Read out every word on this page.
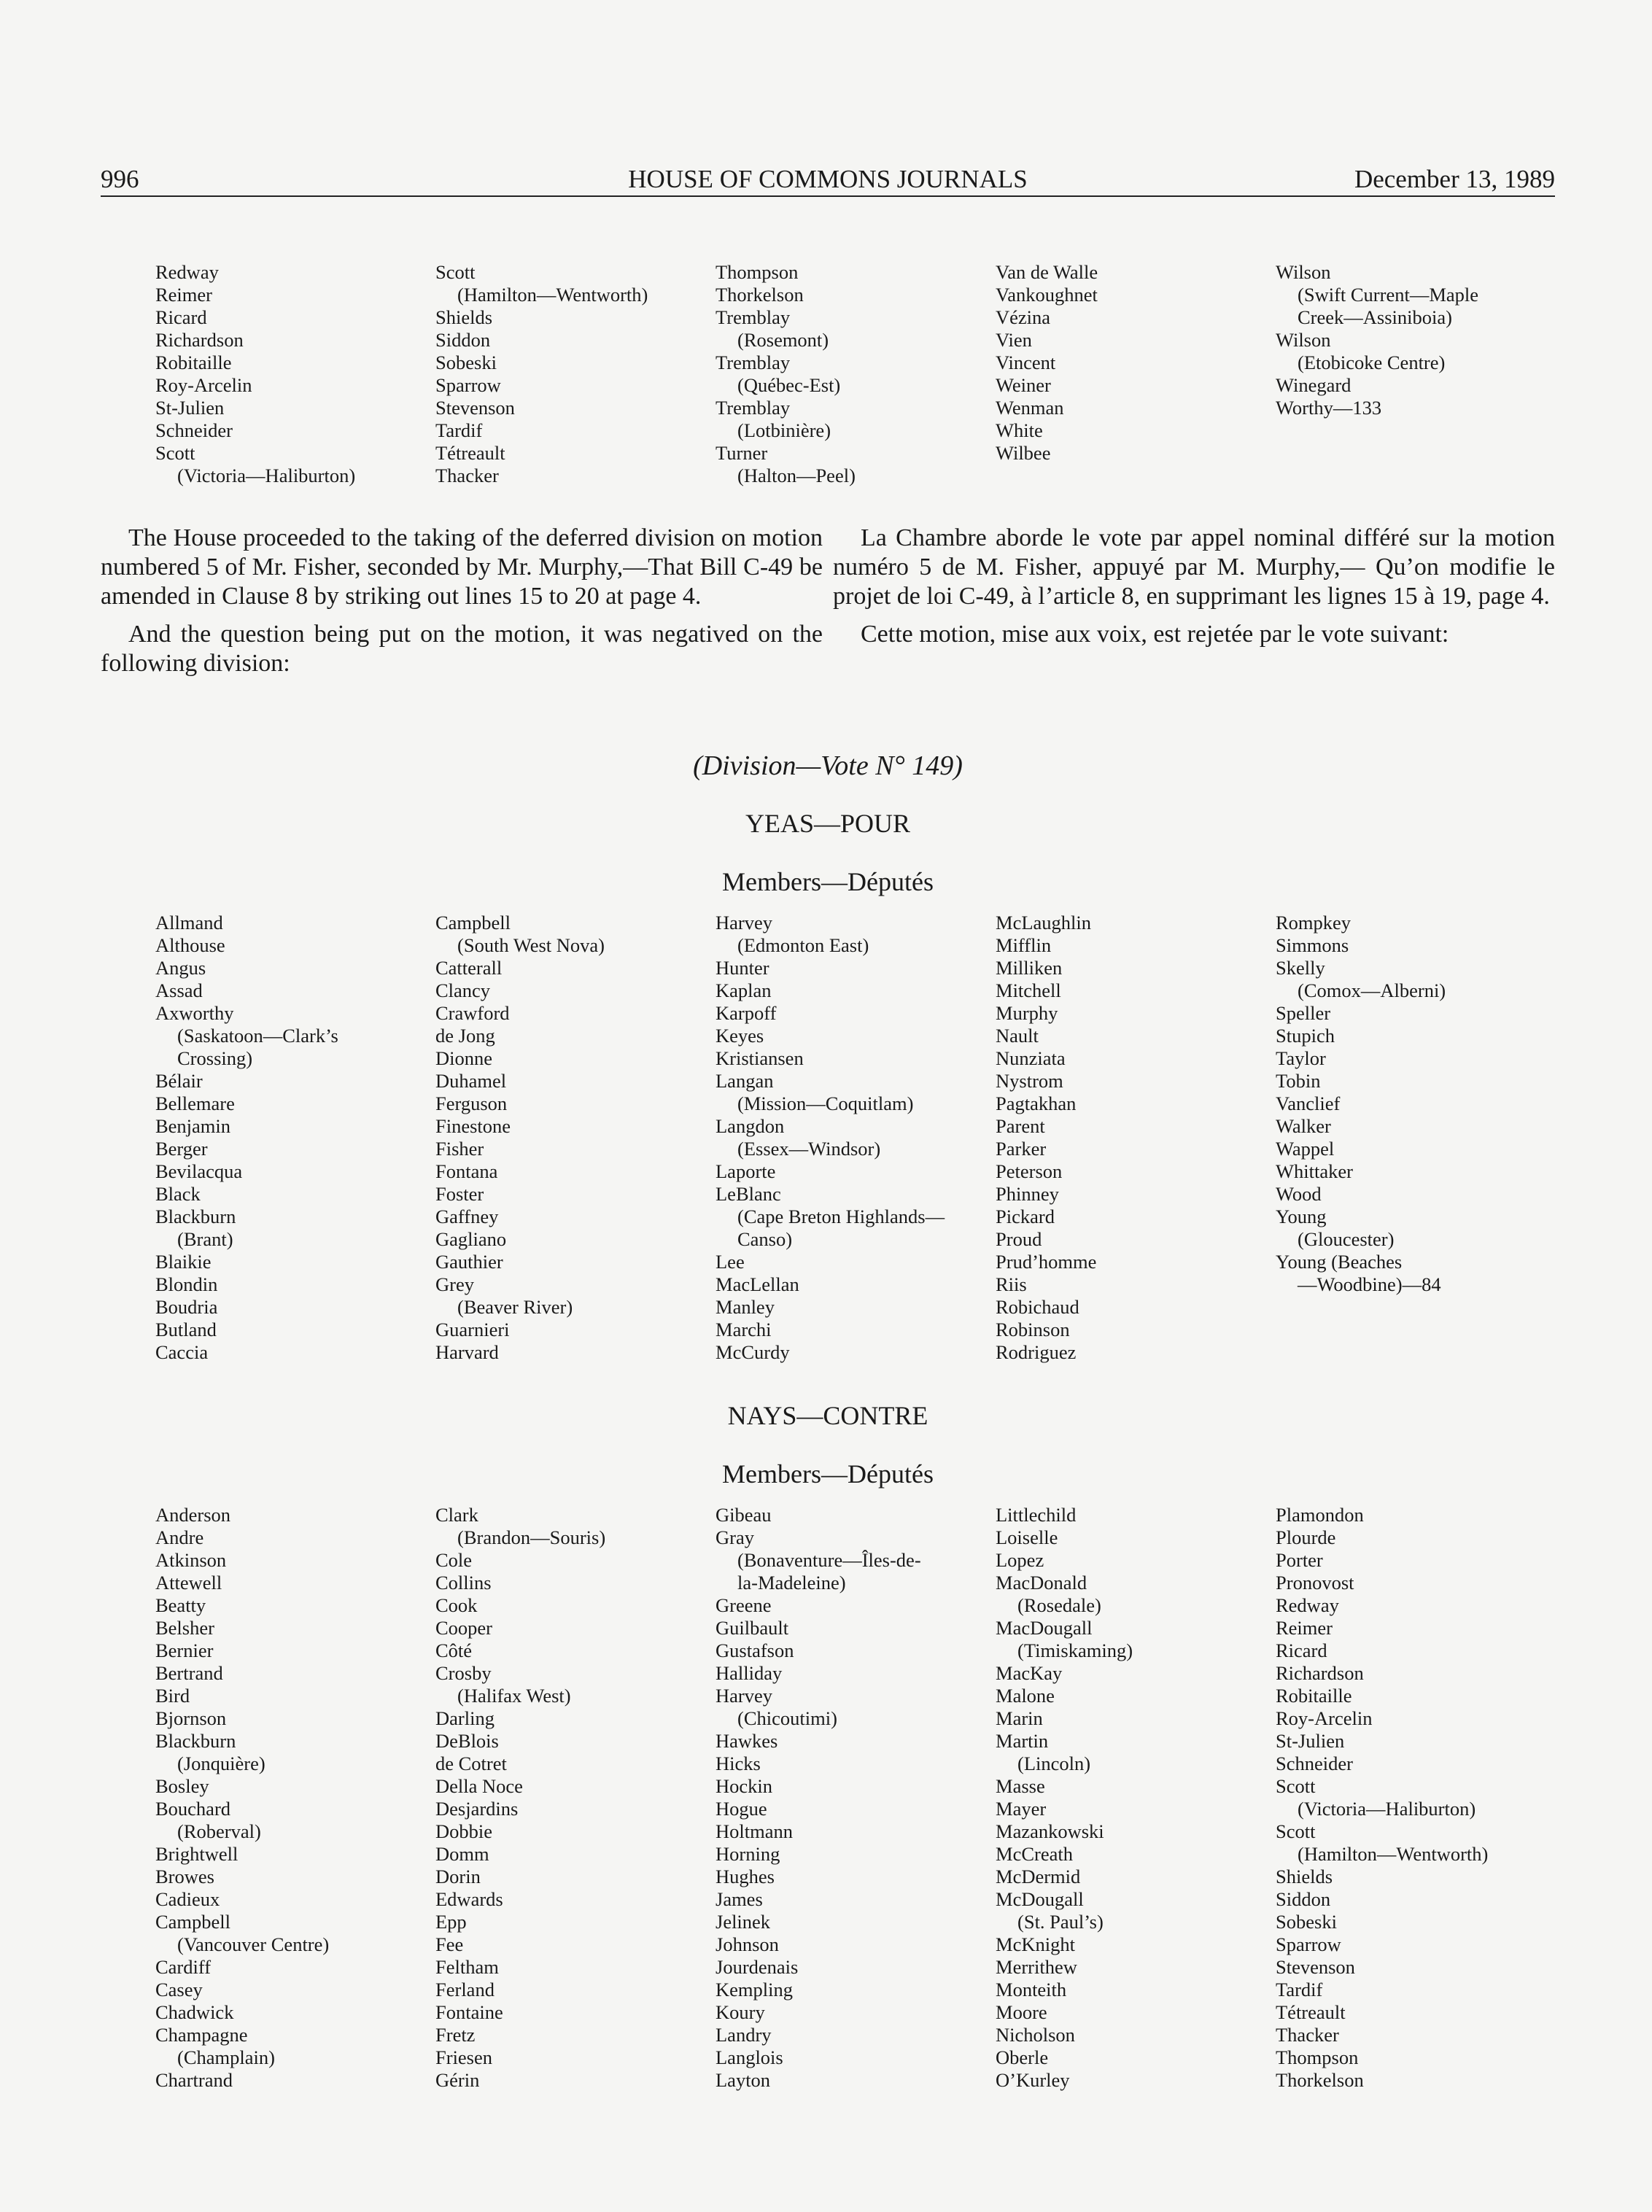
996	HOUSE OF COMMONS JOURNALS	December 13, 1989
Redway
Reimer
Ricard
Richardson
Robitaille
Roy-Arcelin
St-Julien
Schneider
Scott
(Victoria—Haliburton)
Scott
(Hamilton—Wentworth)
Shields
Siddon
Sobeski
Sparrow
Stevenson
Tardif
Tétreault
Thacker
Thompson
Thorkelson
Tremblay
(Rosemont)
Tremblay
(Québec-Est)
Tremblay
(Lotbinière)
Turner
(Halton—Peel)
Van de Walle
Vankoughnet
Vézina
Vien
Vincent
Weiner
Wenman
White
Wilbee
Wilson
(Swift Current—Maple
Creek—Assiniboia)
Wilson
(Etobicoke Centre)
Winegard
Worthy—133

The House proceeded to the taking of the deferred division on motion numbered 5 of Mr. Fisher, seconded by Mr. Murphy,—That Bill C-49 be amended in Clause 8 by striking out lines 15 to 20 at page 4.

And the question being put on the motion, it was negatived on the following division:

La Chambre aborde le vote par appel nominal différé sur la motion numéro 5 de M. Fisher, appuyé par M. Murphy,— Qu’on modifie le projet de loi C-49, à l’article 8, en supprimant les lignes 15 à 19, page 4.

Cette motion, mise aux voix, est rejetée par le vote suivant:

(Division—Vote N° 149)
YEAS—POUR
Members—Députés
Allmand
Althouse
Angus
Assad
Axworthy
(Saskatoon—Clark’s
Crossing)
Bélair
Bellemare
Benjamin
Berger
Bevilacqua
Black
Blackburn
(Brant)
Blaikie
Blondin
Boudria
Butland
Caccia
Campbell
(South West Nova)
Catterall
Clancy
Crawford
de Jong
Dionne
Duhamel
Ferguson
Finestone
Fisher
Fontana
Foster
Gaffney
Gagliano
Gauthier
Grey
(Beaver River)
Guarnieri
Harvard
Harvey
(Edmonton East)
Hunter
Kaplan
Karpoff
Keyes
Kristiansen
Langan
(Mission—Coquitlam)
Langdon
(Essex—Windsor)
Laporte
LeBlanc
(Cape Breton Highlands—
Canso)
Lee
MacLellan
Manley
Marchi
McCurdy
McLaughlin
Mifflin
Milliken
Mitchell
Murphy
Nault
Nunziata
Nystrom
Pagtakhan
Parent
Parker
Peterson
Phinney
Pickard
Proud
Prud’homme
Riis
Robichaud
Robinson
Rodriguez
Rompkey
Simmons
Skelly
(Comox—Alberni)
Speller
Stupich
Taylor
Tobin
Vanclief
Walker
Wappel
Whittaker
Wood
Young
(Gloucester)
Young (Beaches
—Woodbine)—84
NAYS—CONTRE
Members—Députés
Anderson
Andre
Atkinson
Attewell
Beatty
Belsher
Bernier
Bertrand
Bird
Bjornson
Blackburn
(Jonquière)
Bosley
Bouchard
(Roberval)
Brightwell
Browes
Cadieux
Campbell
(Vancouver Centre)
Cardiff
Casey
Chadwick
Champagne
(Champlain)
Chartrand
Clark
(Brandon—Souris)
Cole
Collins
Cook
Cooper
Côté
Crosby
(Halifax West)
Darling
DeBlois
de Cotret
Della Noce
Desjardins
Dobbie
Domm
Dorin
Edwards
Epp
Fee
Feltham
Ferland
Fontaine
Fretz
Friesen
Gérin
Gibeau
Gray
(Bonaventure—Îles-de-
la-Madeleine)
Greene
Guilbault
Gustafson
Halliday
Harvey
(Chicoutimi)
Hawkes
Hicks
Hockin
Hogue
Holtmann
Horning
Hughes
James
Jelinek
Johnson
Jourdenais
Kempling
Koury
Landry
Langlois
Layton
Littlechild
Loiselle
Lopez
MacDonald
(Rosedale)
MacDougall
(Timiskaming)
MacKay
Malone
Marin
Martin
(Lincoln)
Masse
Mayer
Mazankowski
McCreath
McDermid
McDougall
(St. Paul’s)
McKnight
Merrithew
Monteith
Moore
Nicholson
Oberle
O’Kurley
Plamondon
Plourde
Porter
Pronovost
Redway
Reimer
Ricard
Richardson
Robitaille
Roy-Arcelin
St-Julien
Schneider
Scott
(Victoria—Haliburton)
Scott
(Hamilton—Wentworth)
Shields
Siddon
Sobeski
Sparrow
Stevenson
Tardif
Tétreault
Thacker
Thompson
Thorkelson
